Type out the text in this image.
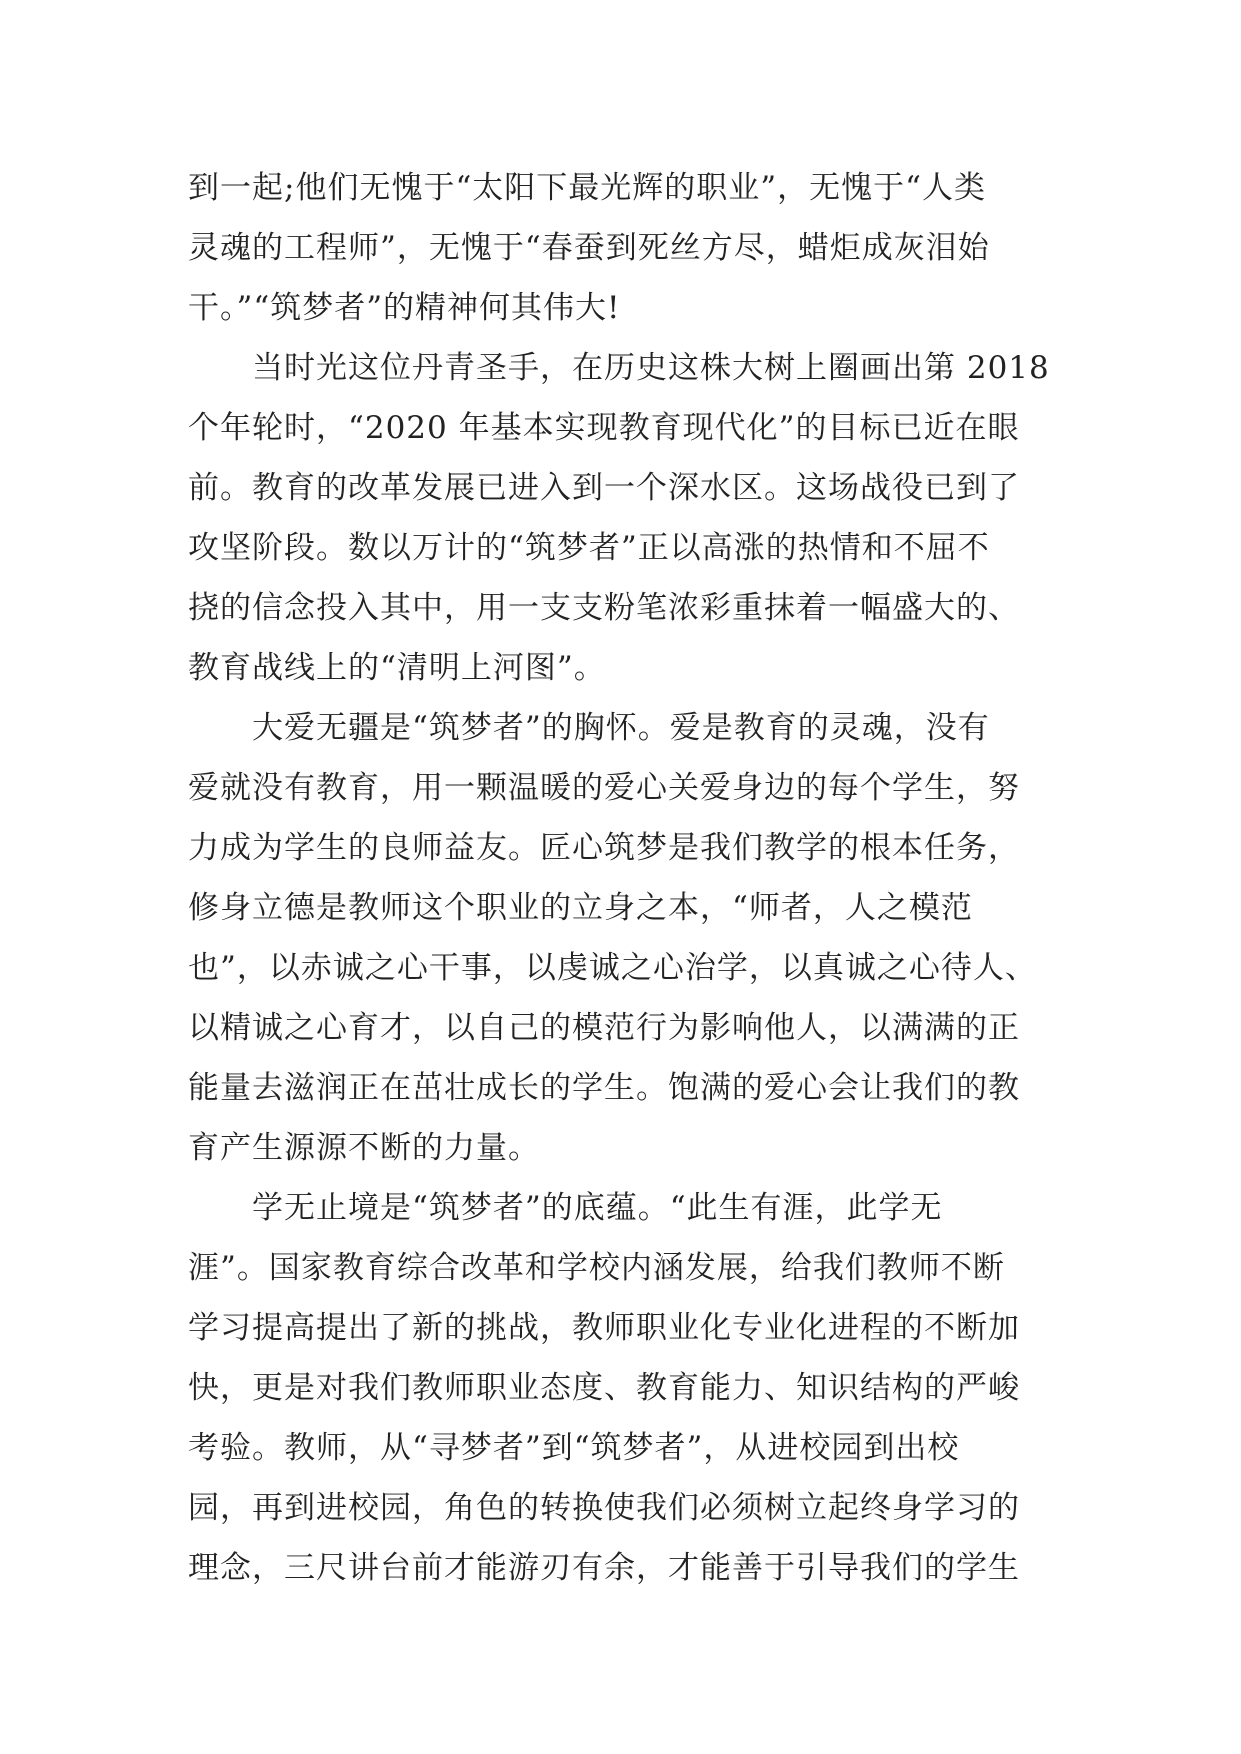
到一起;他们无愧于“太阳下最光辉的职业”，无愧于“人类
灵魂的工程师”，无愧于“春蚕到死丝方尽，蜡炬成灰泪始
干。”“筑梦者”的精神何其伟大!
当时光这位丹青圣手，在历史这株大树上圈画出第 2018
个年轮时，“2020 年基本实现教育现代化”的目标已近在眼
前。教育的改革发展已进入到一个深水区。这场战役已到了
攻坚阶段。数以万计的“筑梦者”正以高涨的热情和不屈不
挠的信念投入其中，用一支支粉笔浓彩重抹着一幅盛大的、
教育战线上的“清明上河图”。
大爱无疆是“筑梦者”的胸怀。爱是教育的灵魂，没有
爱就没有教育，用一颗温暖的爱心关爱身边的每个学生，努
力成为学生的良师益友。匠心筑梦是我们教学的根本任务，
修身立德是教师这个职业的立身之本，“师者，人之模范
也”，以赤诚之心干事，以虔诚之心治学，以真诚之心待人、
以精诚之心育才，以自己的模范行为影响他人，以满满的正
能量去滋润正在茁壮成长的学生。饱满的爱心会让我们的教
育产生源源不断的力量。
学无止境是“筑梦者”的底蕴。“此生有涯，此学无
涯”。国家教育综合改革和学校内涵发展，给我们教师不断
学习提高提出了新的挑战，教师职业化专业化进程的不断加
快，更是对我们教师职业态度、教育能力、知识结构的严峻
考验。教师，从“寻梦者”到“筑梦者”，从进校园到出校
园，再到进校园，角色的转换使我们必须树立起终身学习的
理念，三尺讲台前才能游刃有余，才能善于引导我们的学生
